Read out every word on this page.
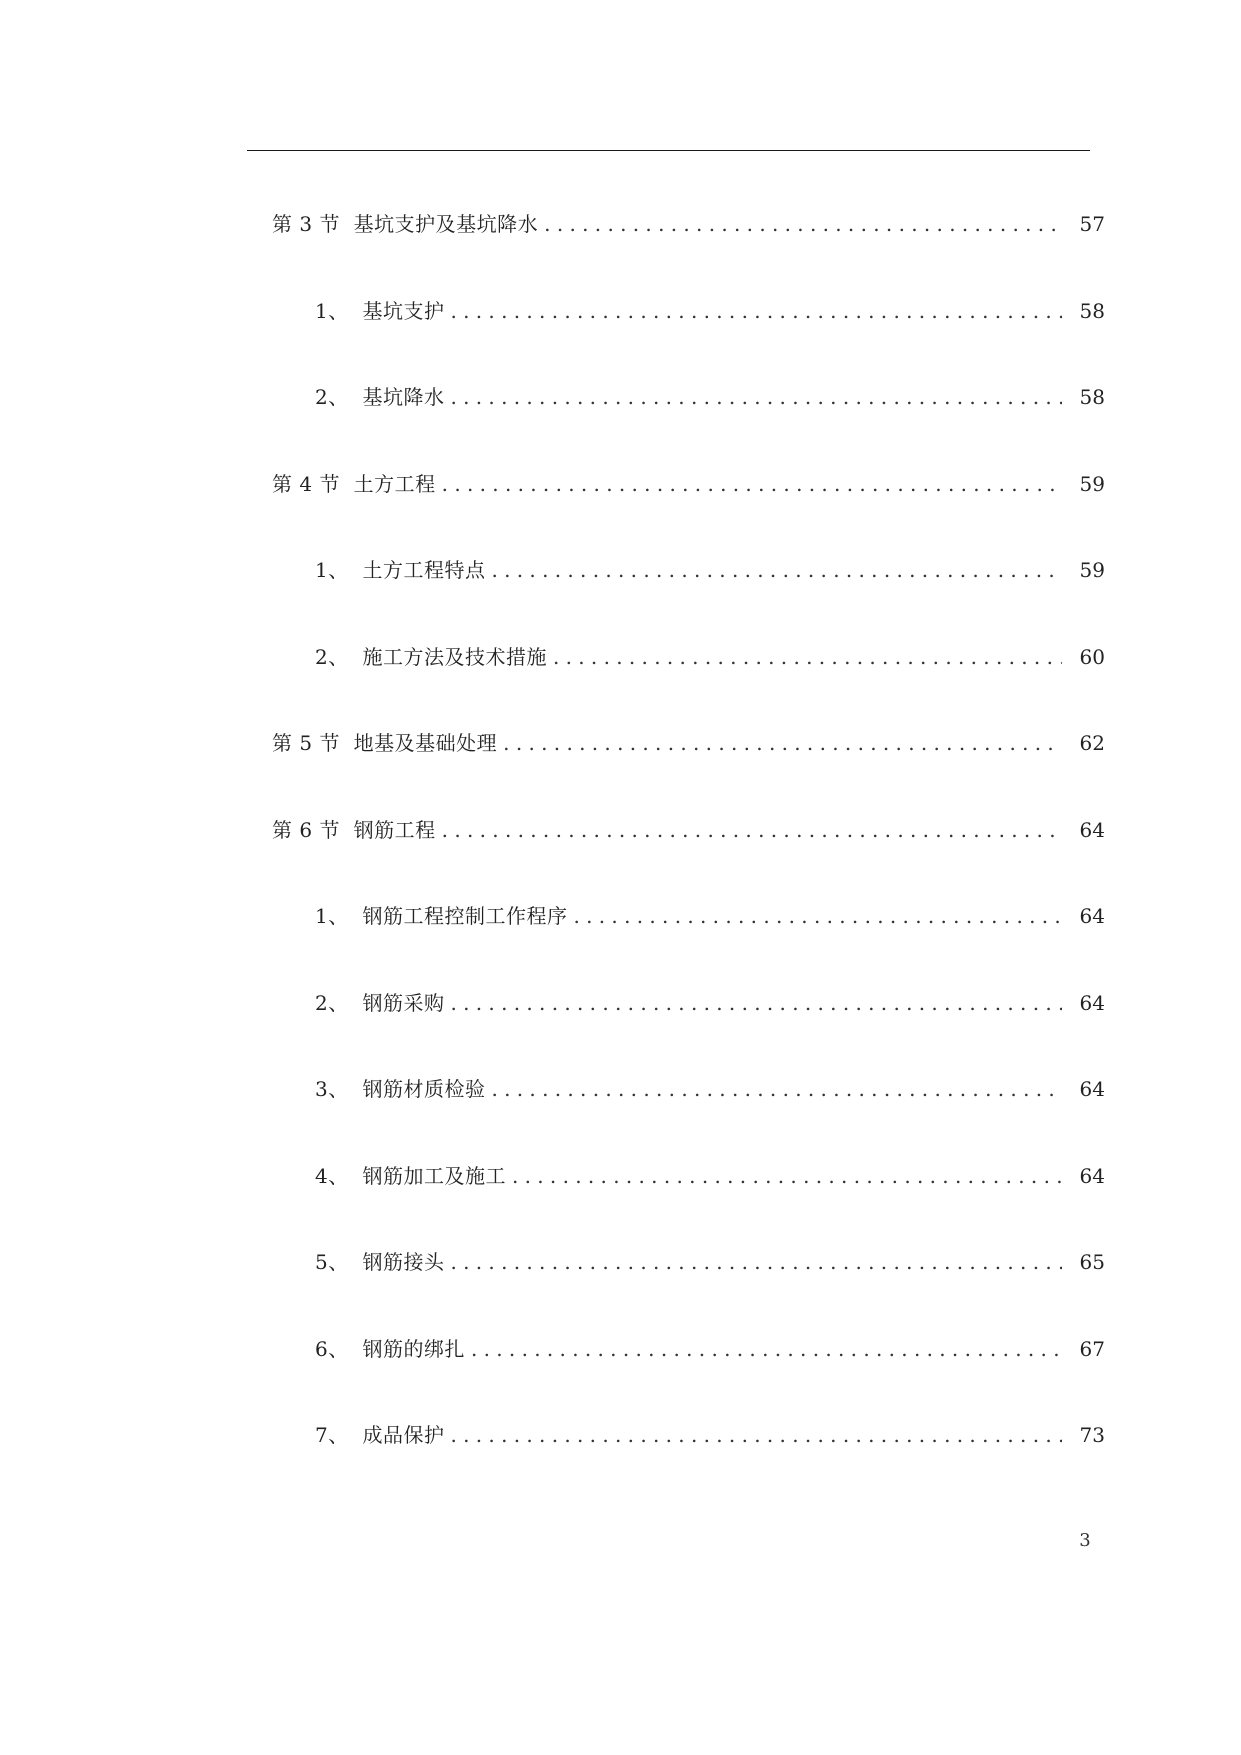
第 3 节  基坑支护及基坑降水 .....	57
1、  基坑支护 .....	58
2、  基坑降水 .....	58
第 4 节  土方工程 .....	59
1、  土方工程特点 .....	59
2、  施工方法及技术措施 .....	60
第 5 节  地基及基础处理 .....	62
第 6 节  钢筋工程 .....	64
1、  钢筋工程控制工作程序 .....	64
2、  钢筋采购 .....	64
3、  钢筋材质检验 .....	64
4、  钢筋加工及施工 .....	64
5、  钢筋接头 .....	65
6、  钢筋的绑扎 .....	67
7、  成品保护 .....	73
3
